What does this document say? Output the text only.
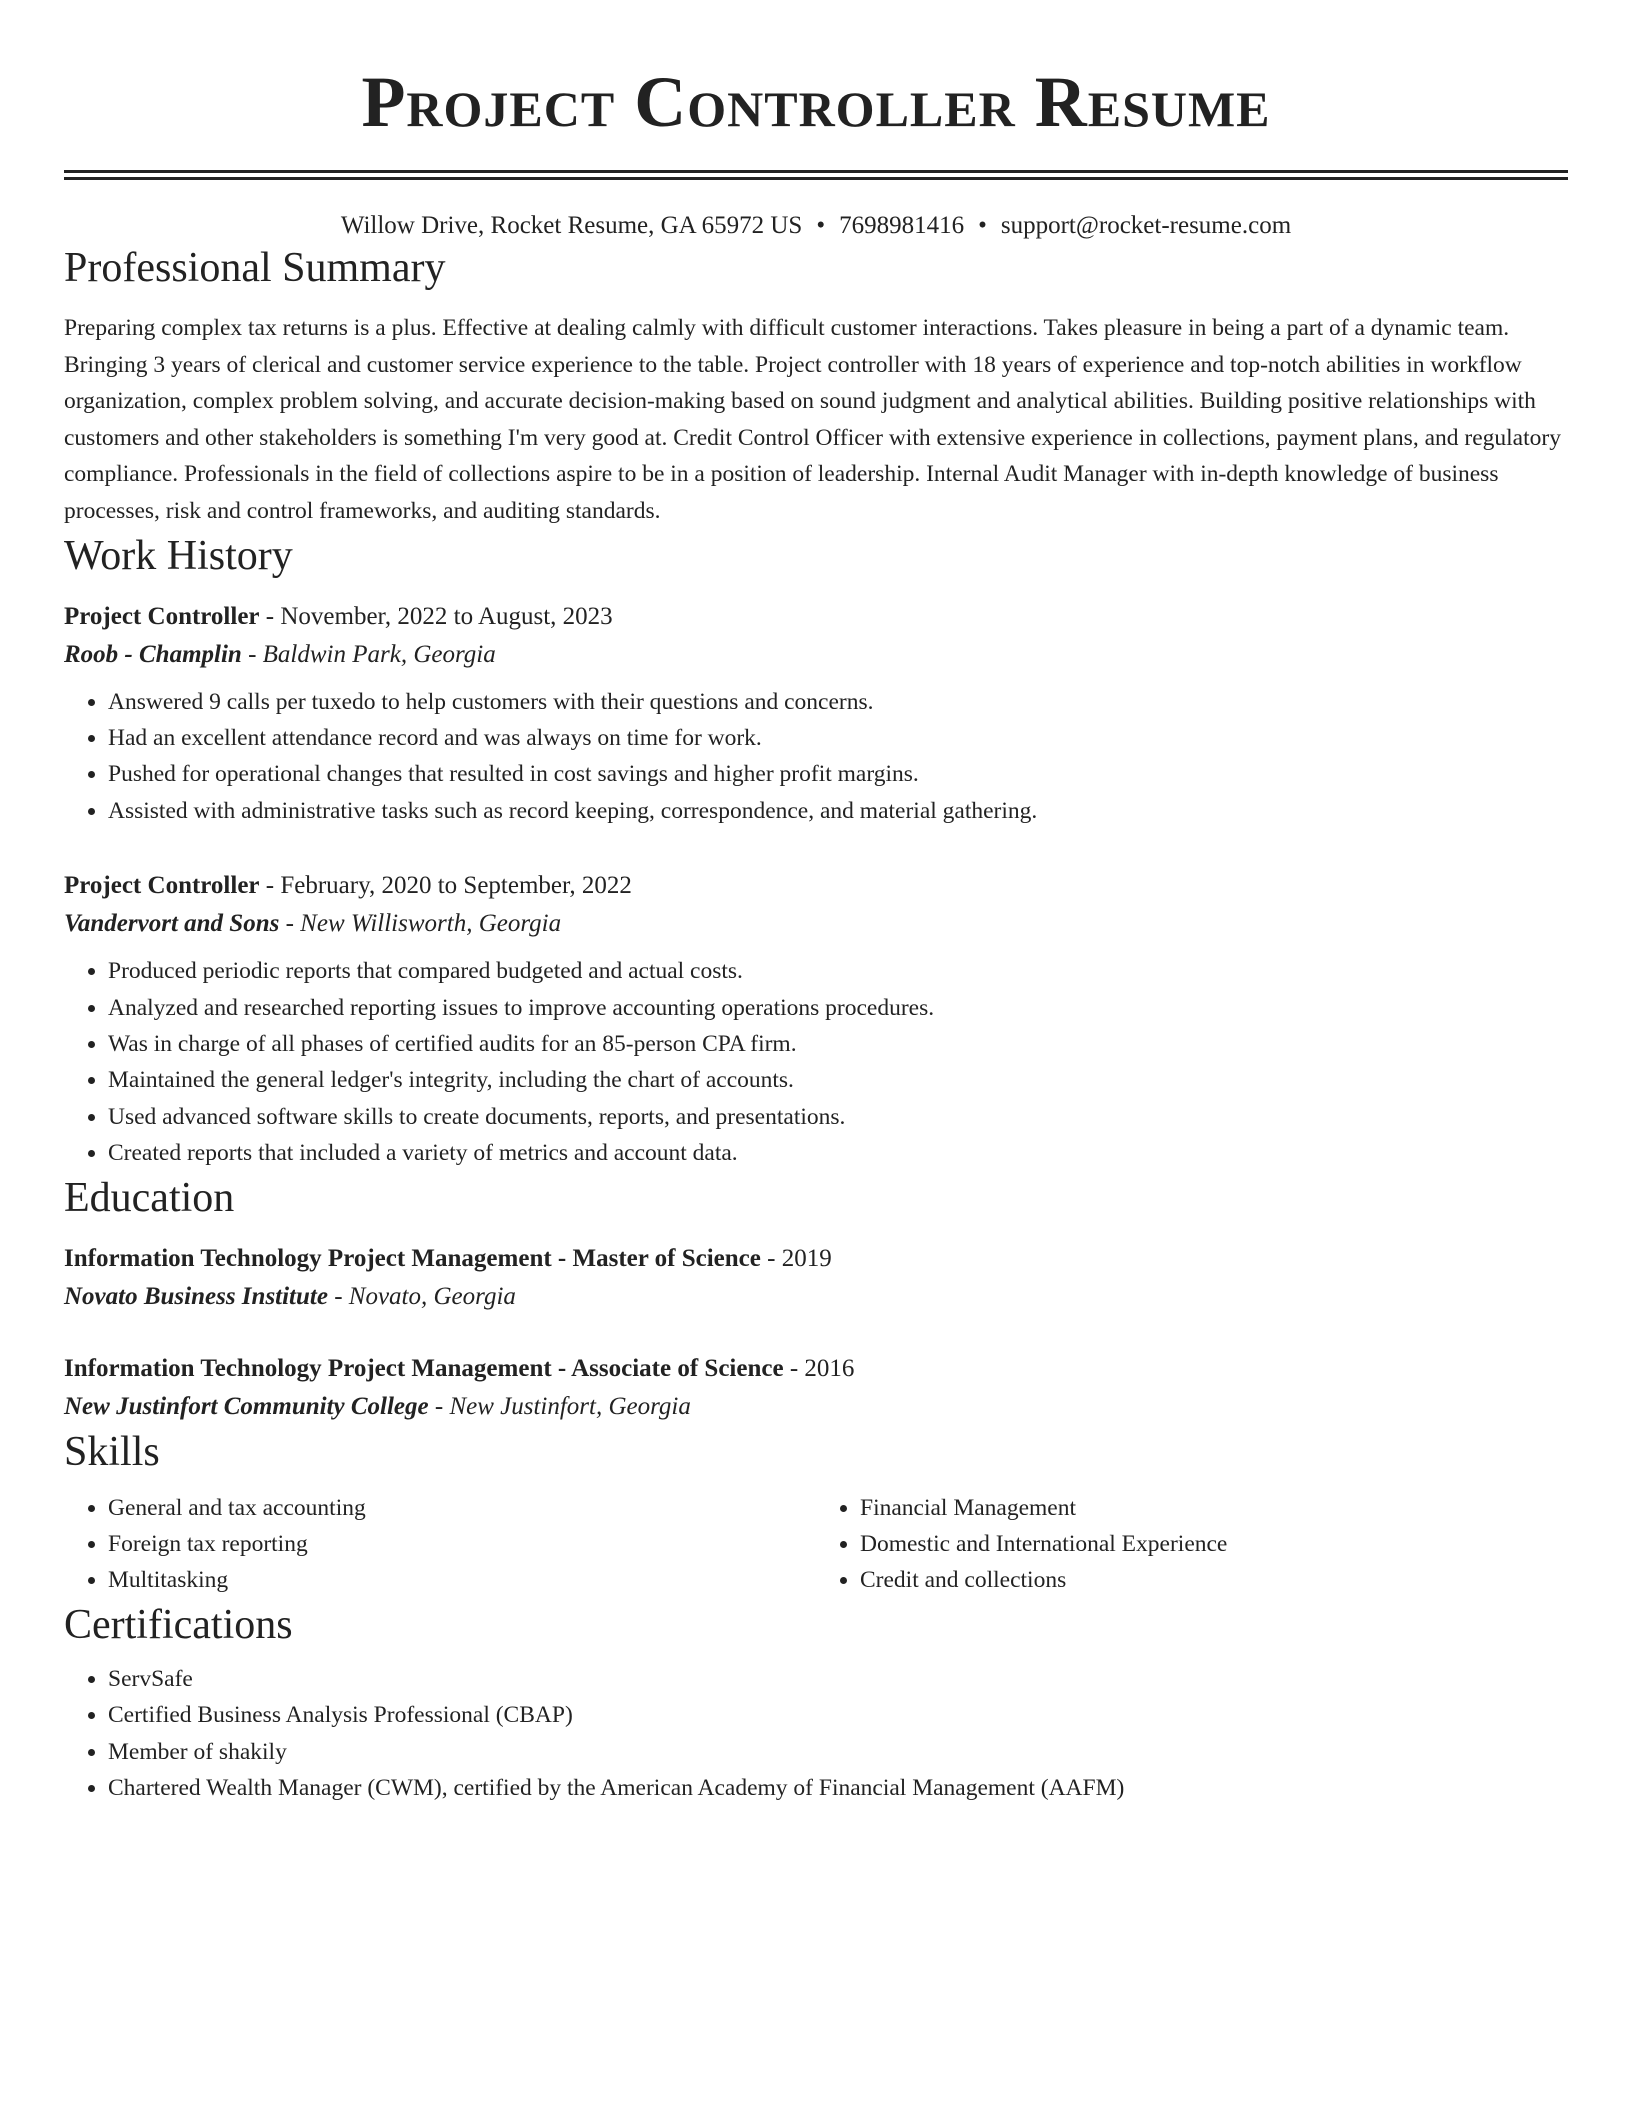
Project Controller Resume
Willow Drive, Rocket Resume, GA 65972 US • 7698981416 • support@rocket-resume.com
Professional Summary
Preparing complex tax returns is a plus. Effective at dealing calmly with difficult customer interactions. Takes pleasure in being a part of a dynamic team. Bringing 3 years of clerical and customer service experience to the table. Project controller with 18 years of experience and top-notch abilities in workflow organization, complex problem solving, and accurate decision-making based on sound judgment and analytical abilities. Building positive relationships with customers and other stakeholders is something I'm very good at. Credit Control Officer with extensive experience in collections, payment plans, and regulatory compliance. Professionals in the field of collections aspire to be in a position of leadership. Internal Audit Manager with in-depth knowledge of business processes, risk and control frameworks, and auditing standards.
Work History
Project Controller - November, 2022 to August, 2023
Roob - Champlin - Baldwin Park, Georgia
• Answered 9 calls per tuxedo to help customers with their questions and concerns.
• Had an excellent attendance record and was always on time for work.
• Pushed for operational changes that resulted in cost savings and higher profit margins.
• Assisted with administrative tasks such as record keeping, correspondence, and material gathering.
Project Controller - February, 2020 to September, 2022
Vandervort and Sons - New Willisworth, Georgia
• Produced periodic reports that compared budgeted and actual costs.
• Analyzed and researched reporting issues to improve accounting operations procedures.
• Was in charge of all phases of certified audits for an 85-person CPA firm.
• Maintained the general ledger's integrity, including the chart of accounts.
• Used advanced software skills to create documents, reports, and presentations.
• Created reports that included a variety of metrics and account data.
Education
Information Technology Project Management - Master of Science - 2019
Novato Business Institute - Novato, Georgia
Information Technology Project Management - Associate of Science - 2016
New Justinfort Community College - New Justinfort, Georgia
Skills
• General and tax accounting
• Foreign tax reporting
• Multitasking
• Financial Management
• Domestic and International Experience
• Credit and collections
Certifications
• ServSafe
• Certified Business Analysis Professional (CBAP)
• Member of shakily
• Chartered Wealth Manager (CWM), certified by the American Academy of Financial Management (AAFM)
